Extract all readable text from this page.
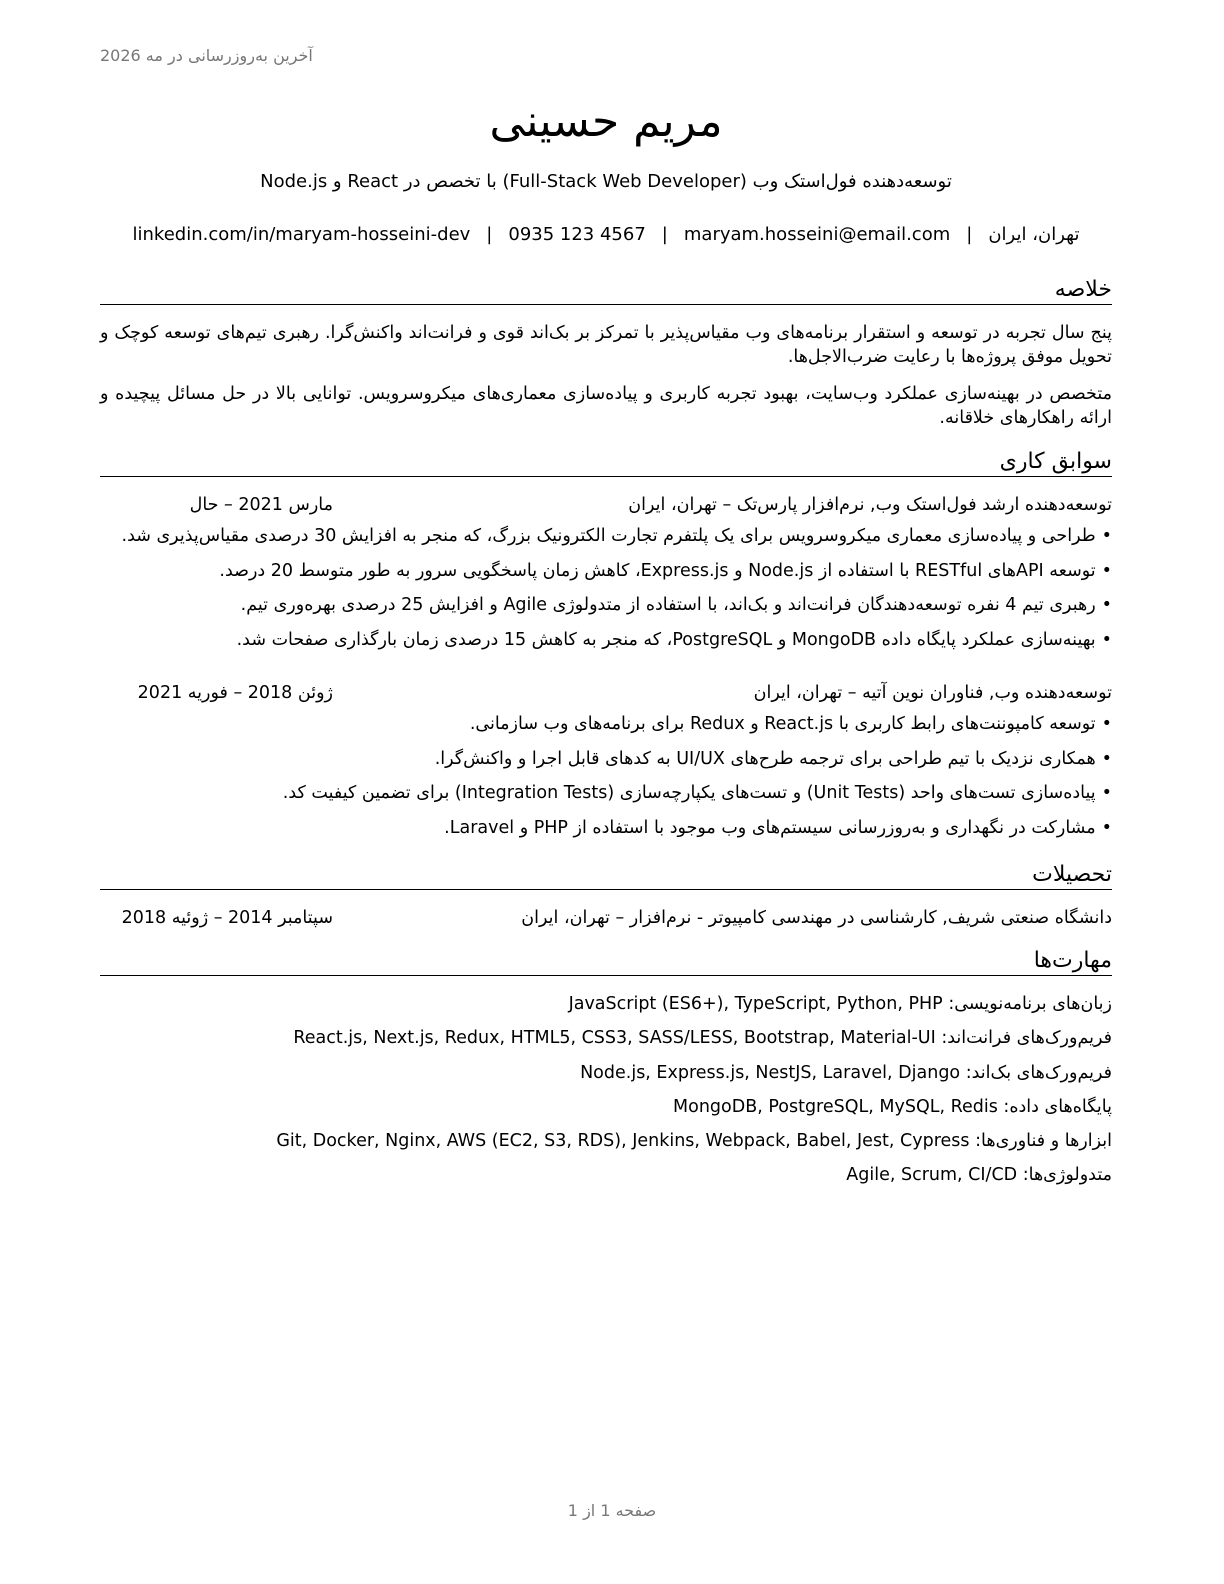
آخرین به‌روزرسانی در مه 2026
مریم حسینی
توسعه‌دهنده فول‌استک وب (Full-Stack Web Developer) با تخصص در React و Node.js
تهران، ایران|maryam.hosseini@email.com|0935 123 4567|linkedin.com/in/maryam-hosseini-dev
خلاصه
پنج سال تجربه در توسعه و استقرار برنامه‌های وب مقیاس‌پذیر با تمرکز بر بک‌اند قوی و فرانت‌اند واکنش‌گرا. رهبری تیم‌های توسعه کوچک و تحویل موفق پروژه‌ها با رعایت ضرب‌الاجل‌ها.
متخصص در بهینه‌سازی عملکرد وب‌سایت، بهبود تجربه کاربری و پیاده‌سازی معماری‌های میکروسرویس. توانایی بالا در حل مسائل پیچیده و ارائه راهکارهای خلاقانه.
سوابق کاری
توسعه‌دهنده ارشد فول‌استک وب, نرم‌افزار پارس‌تک – تهران، ایران
مارس 2021 – حال
•طراحی و پیاده‌سازی معماری میکروسرویس برای یک پلتفرم تجارت الکترونیک بزرگ، که منجر به افزایش 30 درصدی مقیاس‌پذیری شد.
•توسعه APIهای RESTful با استفاده از Node.js و Express.js، کاهش زمان پاسخگویی سرور به طور متوسط 20 درصد.
•رهبری تیم 4 نفره توسعه‌دهندگان فرانت‌اند و بک‌اند، با استفاده از متدولوژی Agile و افزایش 25 درصدی بهره‌وری تیم.
•بهینه‌سازی عملکرد پایگاه داده MongoDB و PostgreSQL، که منجر به کاهش 15 درصدی زمان بارگذاری صفحات شد.
توسعه‌دهنده وب, فناوران نوین آتیه – تهران، ایران
ژوئن 2018 – فوریه 2021
•توسعه کامپوننت‌های رابط کاربری با React.js و Redux برای برنامه‌های وب سازمانی.
•همکاری نزدیک با تیم طراحی برای ترجمه طرح‌های UI/UX به کدهای قابل اجرا و واکنش‌گرا.
•پیاده‌سازی تست‌های واحد (Unit Tests) و تست‌های یکپارچه‌سازی (Integration Tests) برای تضمین کیفیت کد.
•مشارکت در نگهداری و به‌روزرسانی سیستم‌های وب موجود با استفاده از PHP و Laravel.
تحصیلات
دانشگاه صنعتی شریف, کارشناسی در مهندسی کامپیوتر - نرم‌افزار – تهران، ایران
سپتامبر 2014 – ژوئیه 2018
مهارت‌ها
زبان‌های برنامه‌نویسی: JavaScript (ES6+), TypeScript, Python, PHP
فریم‌ورک‌های فرانت‌اند: React.js, Next.js, Redux, HTML5, CSS3, SASS/LESS, Bootstrap, Material-UI
فریم‌ورک‌های بک‌اند: Node.js, Express.js, NestJS, Laravel, Django
پایگاه‌های داده: MongoDB, PostgreSQL, MySQL, Redis
ابزارها و فناوری‌ها: Git, Docker, Nginx, AWS (EC2, S3, RDS), Jenkins, Webpack, Babel, Jest, Cypress
متدولوژی‌ها: Agile, Scrum, CI/CD
صفحه 1 از 1
